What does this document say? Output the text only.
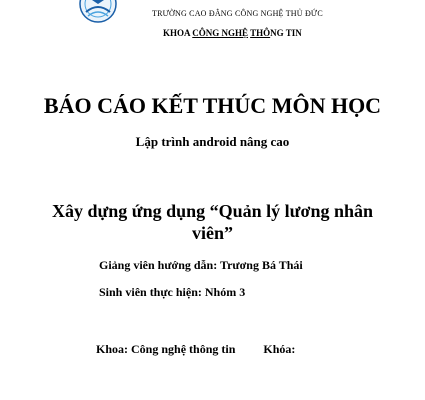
TRƯỜNG CAO ĐẲNG CÔNG NGHỆ THỦ ĐỨC
KHOA CÔNG NGHỆ THÔNG TIN
BÁO CÁO KẾT THÚC MÔN HỌC
Lập trình android nâng cao
Xây dựng ứng dụng “Quản lý lương nhân viên”
Giảng viên hướng dẫn: Trương Bá Thái
Sinh viên thực hiện: Nhóm 3
Khoa: Công nghệ thông tin Khóa:
